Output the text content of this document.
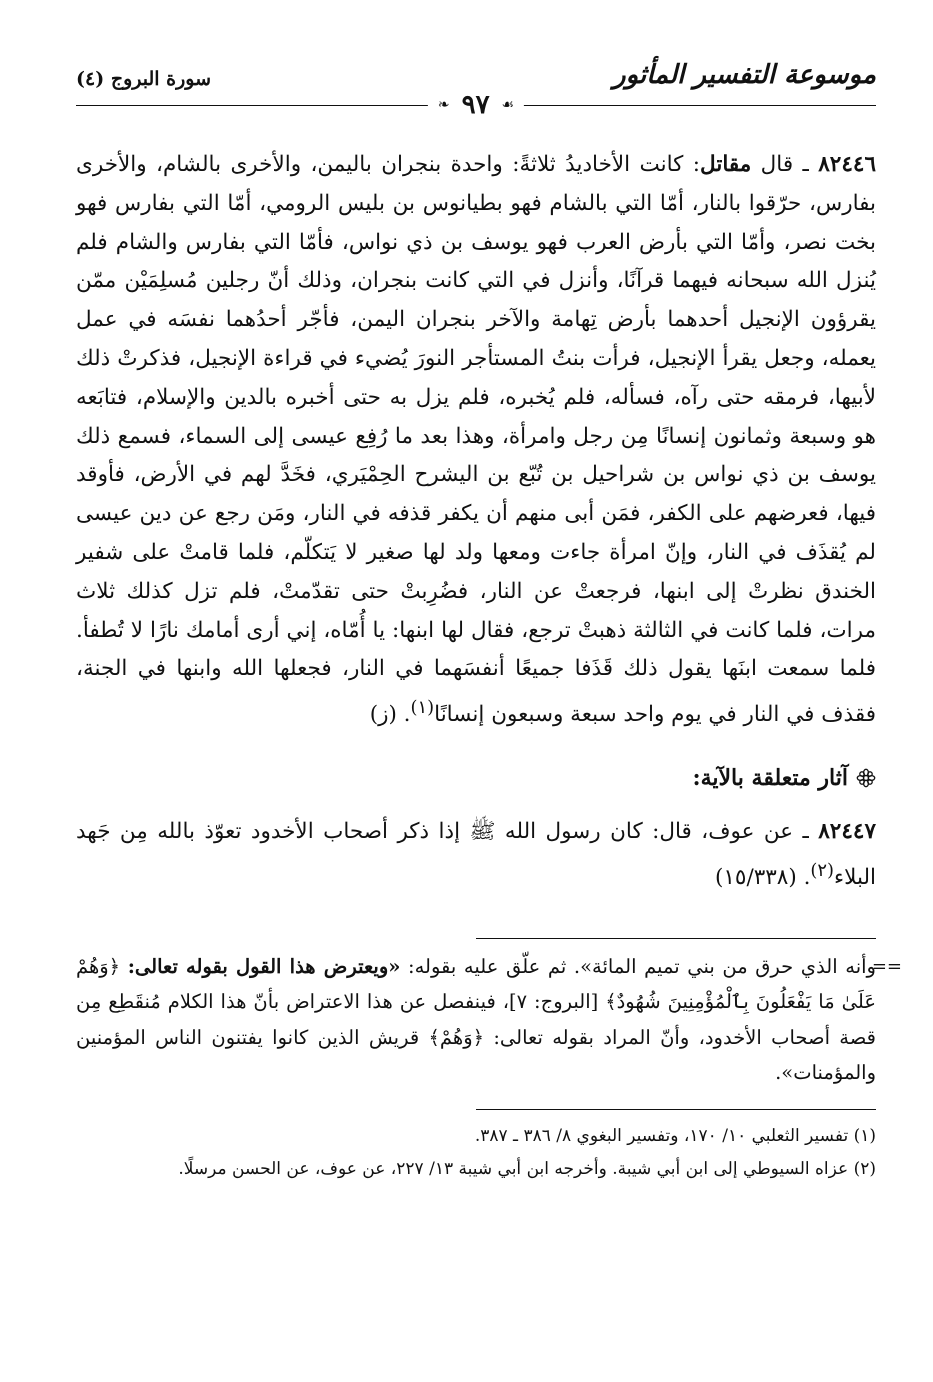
موسوعة التفسير المأثور
سورة البروج (٤)
❧ ٩٧ ☙

٨٢٤٤٦ ـ قال مقاتل: كانت الأخاديدُ ثلاثةً: واحدة بنجران باليمن، والأخرى بالشام، والأخرى بفارس، حرّقوا بالنار، أمّا التي بالشام فهو بطيانوس بن بليس الرومي، أمّا التي بفارس فهو بخت نصر، وأمّا التي بأرض العرب فهو يوسف بن ذي نواس، فأمّا التي بفارس والشام فلم يُنزل الله سبحانه فيهما قرآنًا، وأنزل في التي كانت بنجران، وذلك أنّ رجلين مُسلِمَيْن ممّن يقرؤون الإنجيل أحدهما بأرض تِهامة والآخر بنجران اليمن، فأجّر أحدُهما نفسَه في عمل يعمله، وجعل يقرأ الإنجيل، فرأت بنتُ المستأجر النورَ يُضيء في قراءة الإنجيل، فذكرتْ ذلك لأبيها، فرمقه حتى رآه، فسأله، فلم يُخبره، فلم يزل به حتى أخبره بالدين والإسلام، فتابَعه هو وسبعة وثمانون إنسانًا مِن رجل وامرأة، وهذا بعد ما رُفِع عيسى إلى السماء، فسمع ذلك يوسف بن ذي نواس بن شراحيل بن تُبّع بن اليشرح الحِمْيَري، فخَدَّ لهم في الأرض، فأوقد فيها، فعرضهم على الكفر، فمَن أبى منهم أن يكفر قذفه في النار، ومَن رجع عن دين عيسى لم يُقذَف في النار، وإنّ امرأة جاءت ومعها ولد لها صغير لا يَتكلّم، فلما قامتْ على شفير الخندق نظرتْ إلى ابنها، فرجعتْ عن النار، فضُرِبتْ حتى تقدّمتْ، فلم تزل كذلك ثلاث مرات، فلما كانت في الثالثة ذهبتْ ترجع، فقال لها ابنها: يا أُمّاه، إني أرى أمامك نارًا لا تُطفأ. فلما سمعت ابنَها يقول ذلك قَذَفا جميعًا أنفسَهما في النار، فجعلها الله وابنها في الجنة، فقذف في النار في يوم واحد سبعة وسبعون إنسانًا$^{(١)}$. (ز)

آثار متعلقة بالآية:

٨٢٤٤٧ ـ عن عوف، قال: كان رسول الله ﷺ إذا ذكر أصحاب الأخدود تعوّذ بالله مِن جَهد البلاء$^{(٢)}$. (١٥/٣٣٨)

==
وأنه الذي حرق من بني تميم المائة». ثم علّق عليه بقوله: «ويعترض هذا القول بقوله تعالى: ﴿وَهُمْ عَلَىٰ مَا يَفْعَلُونَ بِٱلْمُؤْمِنِينَ شُهُودٌ﴾ [البروج: ٧]، فينفصل عن هذا الاعتراض بأنّ هذا الكلام مُنقَطِع مِن قصة أصحاب الأخدود، وأنّ المراد بقوله تعالى: ﴿وَهُمْ﴾ قريش الذين كانوا يفتنون الناس المؤمنين والمؤمنات».

(١) تفسير الثعلبي ١٠/ ١٧٠، وتفسير البغوي ٨/ ٣٨٦ ـ ٣٨٧.

(٢) عزاه السيوطي إلى ابن أبي شيبة. وأخرجه ابن أبي شيبة ١٣/ ٢٢٧، عن عوف، عن الحسن مرسلًا.
